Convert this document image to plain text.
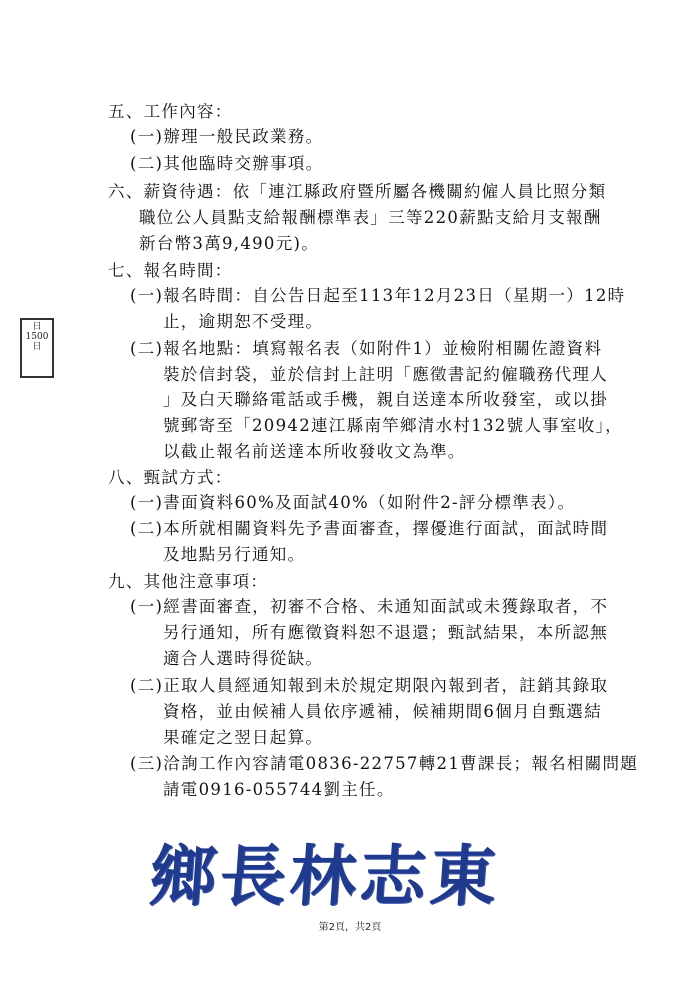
五、工作內容：
(一)辦理一般民政業務。
(二)其他臨時交辦事項。
六、薪資待遇：依「連江縣政府暨所屬各機關約僱人員比照分類
職位公人員點支給報酬標準表」三等220薪點支給月支報酬
新台幣3萬9,490元)。
七、報名時間：
(一)報名時間：自公告日起至113年12月23日（星期一）12時
止，逾期恕不受理。
(二)報名地點：填寫報名表（如附件1）並檢附相關佐證資料
裝於信封袋，並於信封上註明「應徵書記約僱職務代理人
」及白天聯絡電話或手機，親自送達本所收發室，或以掛
號郵寄至「20942連江縣南竿鄉清水村132號人事室收」，
以截止報名前送達本所收發收文為準。
八、甄試方式：
(一)書面資料60%及面試40%（如附件2-評分標準表）。
(二)本所就相關資料先予書面審查，擇優進行面試，面試時間
及地點另行通知。
九、其他注意事項：
(一)經書面審查，初審不合格、未通知面試或未獲錄取者，不
另行通知，所有應徵資料恕不退還；甄試結果，本所認無
適合人選時得從缺。
(二)正取人員經通知報到未於規定期限內報到者，註銷其錄取
資格，並由候補人員依序遞補，候補期間6個月自甄選結
果確定之翌日起算。
(三)洽詢工作內容請電0836-22757轉21曹課長；報名相關問題
請電0916-055744劉主任。
日
1500
日
鄉長林志東
第2頁，共2頁
